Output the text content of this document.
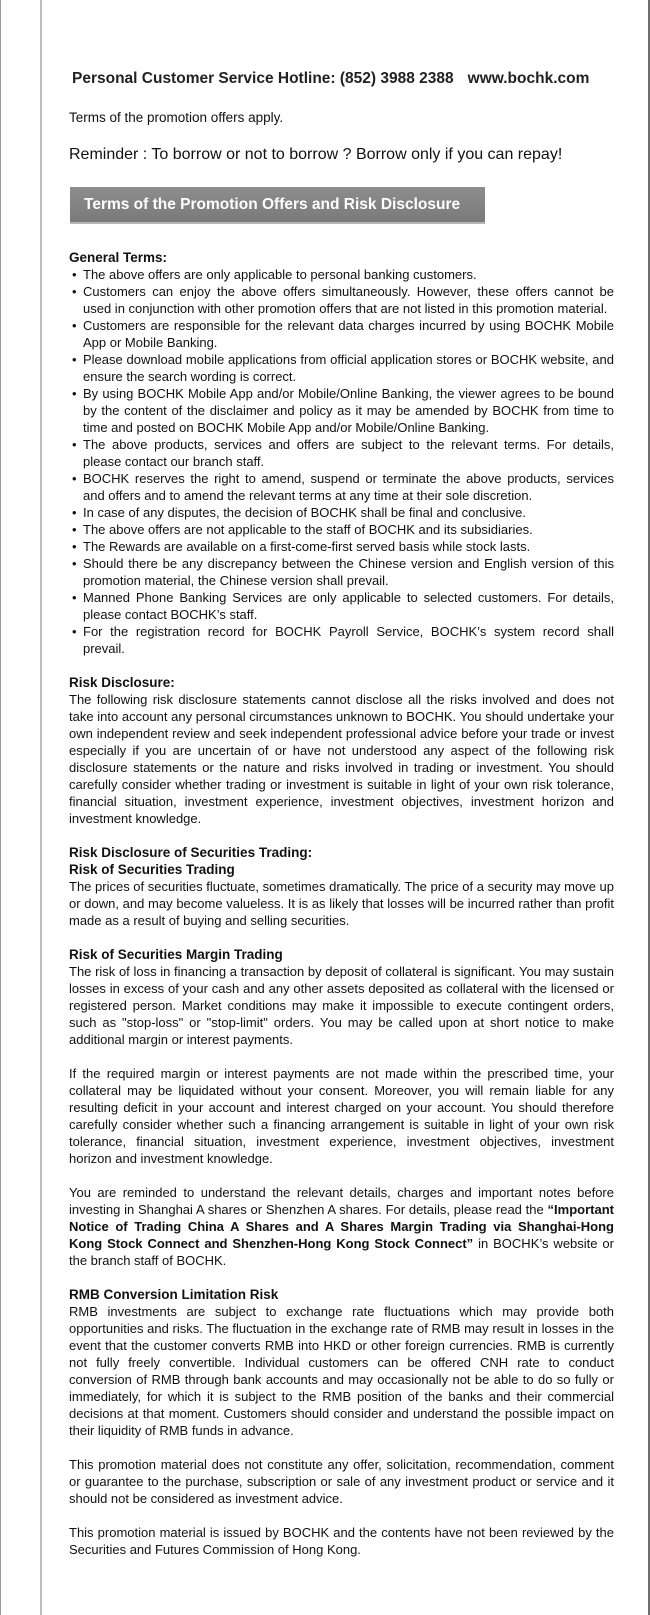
Personal Customer Service Hotline: (852) 3988 2388 www.bochk.com
Terms of the promotion offers apply.
Reminder : To borrow or not to borrow ? Borrow only if you can repay!
Terms of the Promotion Offers and Risk Disclosure
General Terms:
• The above offers are only applicable to personal banking customers.
• Customers can enjoy the above offers simultaneously. However, these offers cannot be used in conjunction with other promotion offers that are not listed in this promotion material.
• Customers are responsible for the relevant data charges incurred by using BOCHK Mobile App or Mobile Banking.
• Please download mobile applications from official application stores or BOCHK website, and ensure the search wording is correct.
• By using BOCHK Mobile App and/or Mobile/Online Banking, the viewer agrees to be bound by the content of the disclaimer and policy as it may be amended by BOCHK from time to time and posted on BOCHK Mobile App and/or Mobile/Online Banking.
• The above products, services and offers are subject to the relevant terms. For details, please contact our branch staff.
• BOCHK reserves the right to amend, suspend or terminate the above products, services and offers and to amend the relevant terms at any time at their sole discretion.
• In case of any disputes, the decision of BOCHK shall be final and conclusive.
• The above offers are not applicable to the staff of BOCHK and its subsidiaries.
• The Rewards are available on a first-come-first served basis while stock lasts.
• Should there be any discrepancy between the Chinese version and English version of this promotion material, the Chinese version shall prevail.
• Manned Phone Banking Services are only applicable to selected customers. For details, please contact BOCHK’s staff.
• For the registration record for BOCHK Payroll Service, BOCHK’s system record shall prevail.
Risk Disclosure:

The following risk disclosure statements cannot disclose all the risks involved and does not take into account any personal circumstances unknown to BOCHK. You should undertake your own independent review and seek independent professional advice before your trade or invest especially if you are uncertain of or have not understood any aspect of the following risk disclosure statements or the nature and risks involved in trading or investment. You should carefully consider whether trading or investment is suitable in light of your own risk tolerance, financial situation, investment experience, investment objectives, investment horizon and investment knowledge.

Risk Disclosure of Securities Trading:
Risk of Securities Trading

The prices of securities fluctuate, sometimes dramatically. The price of a security may move up or down, and may become valueless. It is as likely that losses will be incurred rather than profit made as a result of buying and selling securities.

Risk of Securities Margin Trading

The risk of loss in financing a transaction by deposit of collateral is significant. You may sustain losses in excess of your cash and any other assets deposited as collateral with the licensed or registered person. Market conditions may make it impossible to execute contingent orders, such as "stop-loss" or "stop-limit" orders. You may be called upon at short notice to make additional margin or interest payments.

If the required margin or interest payments are not made within the prescribed time, your collateral may be liquidated without your consent. Moreover, you will remain liable for any resulting deficit in your account and interest charged on your account. You should therefore carefully consider whether such a financing arrangement is suitable in light of your own risk tolerance, financial situation, investment experience, investment objectives, investment horizon and investment knowledge.

You are reminded to understand the relevant details, charges and important notes before investing in Shanghai A shares or Shenzhen A shares. For details, please read the “Important Notice of Trading China A Shares and A Shares Margin Trading via Shanghai-Hong Kong Stock Connect and Shenzhen-Hong Kong Stock Connect” in BOCHK’s website or the branch staff of BOCHK.

RMB Conversion Limitation Risk

RMB investments are subject to exchange rate fluctuations which may provide both opportunities and risks. The fluctuation in the exchange rate of RMB may result in losses in the event that the customer converts RMB into HKD or other foreign currencies. RMB is currently not fully freely convertible. Individual customers can be offered CNH rate to conduct conversion of RMB through bank accounts and may occasionally not be able to do so fully or immediately, for which it is subject to the RMB position of the banks and their commercial decisions at that moment. Customers should consider and understand the possible impact on their liquidity of RMB funds in advance.

This promotion material does not constitute any offer, solicitation, recommendation, comment or guarantee to the purchase, subscription or sale of any investment product or service and it should not be considered as investment advice.

This promotion material is issued by BOCHK and the contents have not been reviewed by the Securities and Futures Commission of Hong Kong.
